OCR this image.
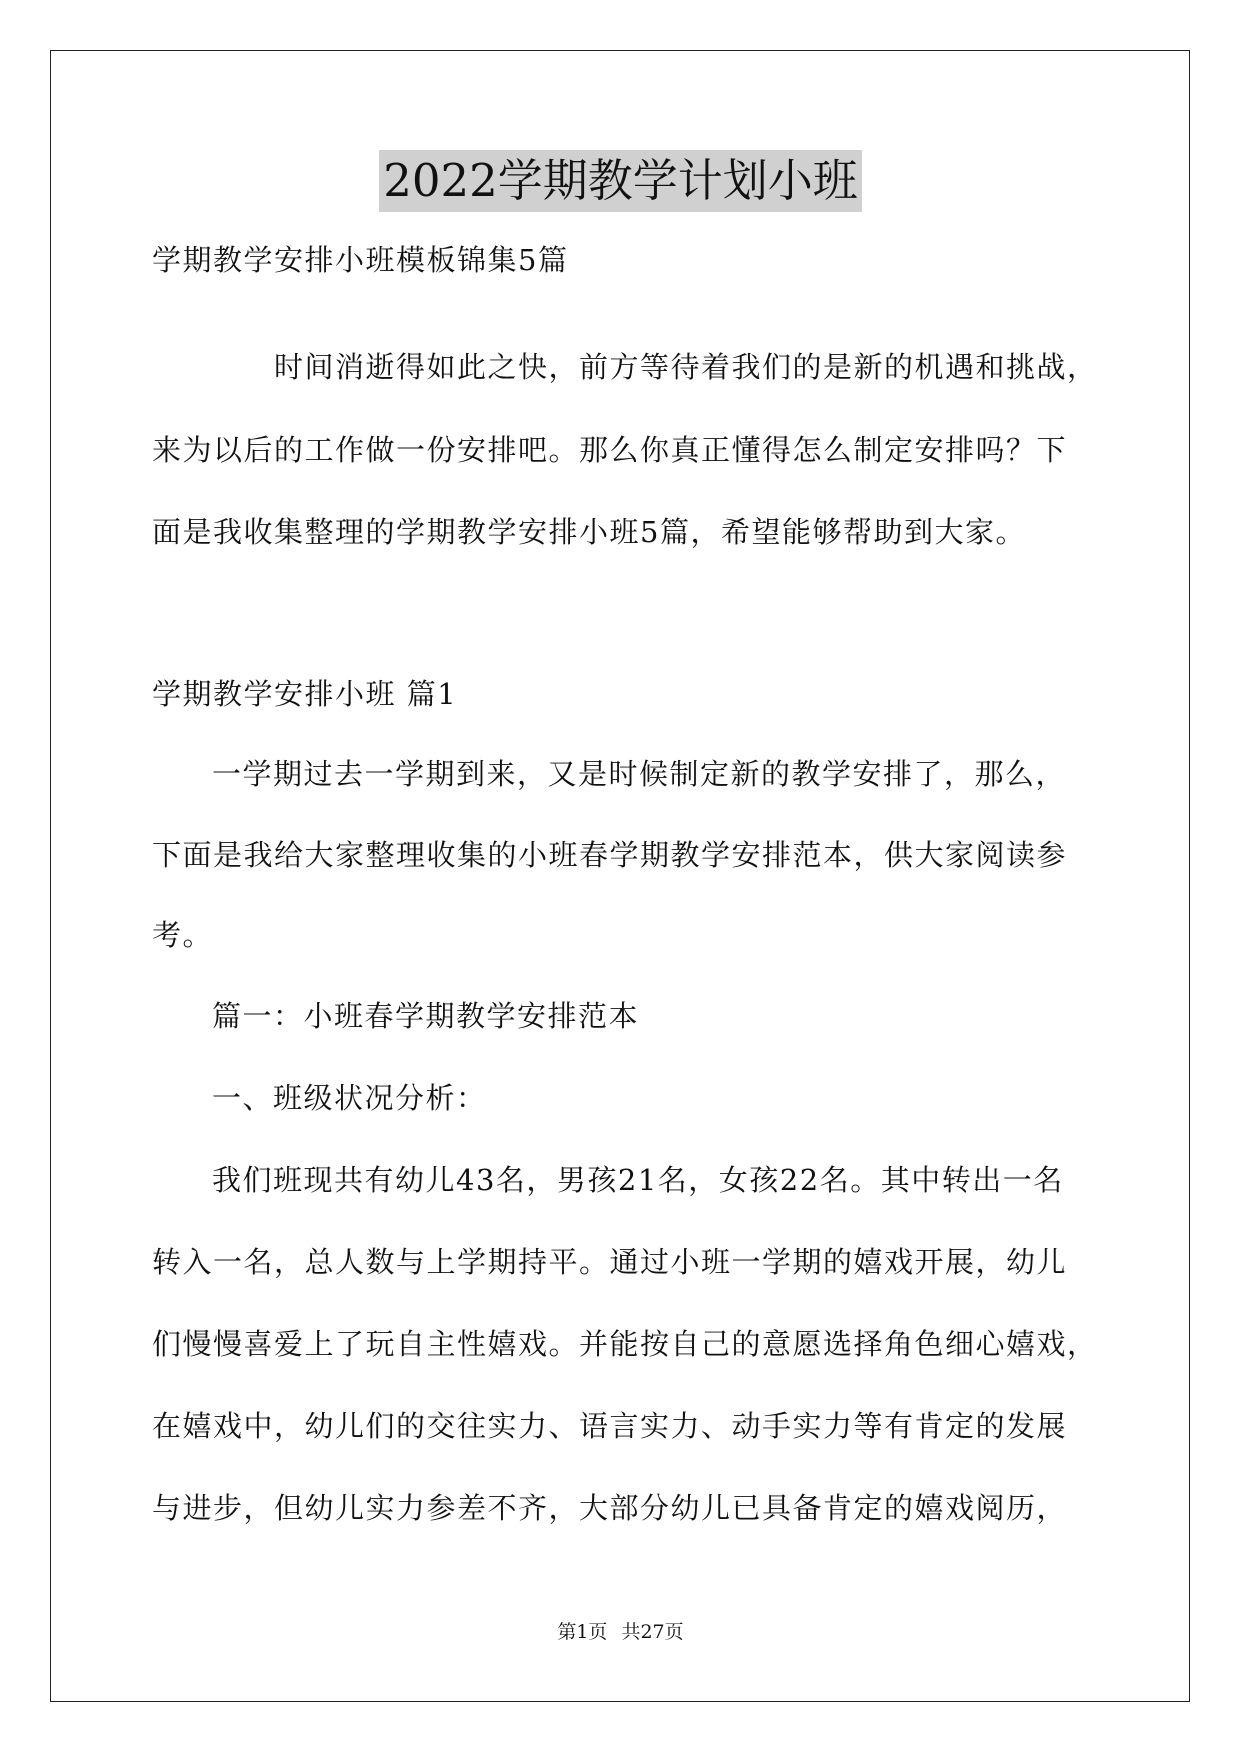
2022学期教学计划小班
学期教学安排小班模板锦集5篇
时间消逝得如此之快，前方等待着我们的是新的机遇和挑战，
来为以后的工作做一份安排吧。那么你真正懂得怎么制定安排吗？下
面是我收集整理的学期教学安排小班5篇，希望能够帮助到大家。
学期教学安排小班 篇1
一学期过去一学期到来，又是时候制定新的教学安排了，那么，
下面是我给大家整理收集的小班春学期教学安排范本，供大家阅读参
考。
篇一：小班春学期教学安排范本
一、班级状况分析：
我们班现共有幼儿43名，男孩21名，女孩22名。其中转出一名
转入一名，总人数与上学期持平。通过小班一学期的嬉戏开展，幼儿
们慢慢喜爱上了玩自主性嬉戏。并能按自己的意愿选择角色细心嬉戏，
在嬉戏中，幼儿们的交往实力、语言实力、动手实力等有肯定的发展
与进步，但幼儿实力参差不齐，大部分幼儿已具备肯定的嬉戏阅历，
第1页 共27页
